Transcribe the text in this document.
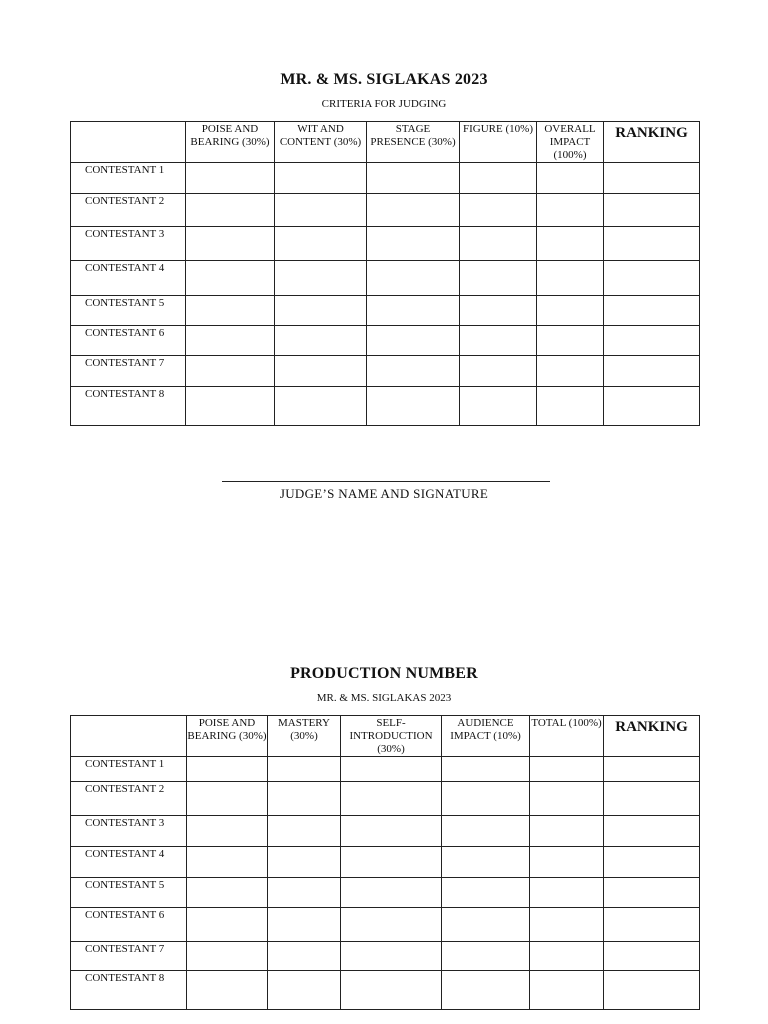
MR. & MS. SIGLAKAS 2023
CRITERIA FOR JUDGING
	POISE AND BEARING (30%)	WIT AND CONTENT (30%)	STAGE PRESENCE (30%)	FIGURE (10%)	OVERALL IMPACT (100%)	RANKING
CONTESTANT 1						
CONTESTANT 2						
CONTESTANT 3						
CONTESTANT 4						
CONTESTANT 5						
CONTESTANT 6						
CONTESTANT 7						
CONTESTANT 8						
JUDGE’S NAME AND SIGNATURE
PRODUCTION NUMBER
MR. & MS. SIGLAKAS 2023
	POISE AND BEARING (30%)	MASTERY (30%)	SELF-INTRODUCTION (30%)	AUDIENCE IMPACT (10%)	TOTAL (100%)	RANKING
CONTESTANT 1						
CONTESTANT 2						
CONTESTANT 3						
CONTESTANT 4						
CONTESTANT 5						
CONTESTANT 6						
CONTESTANT 7						
CONTESTANT 8						
